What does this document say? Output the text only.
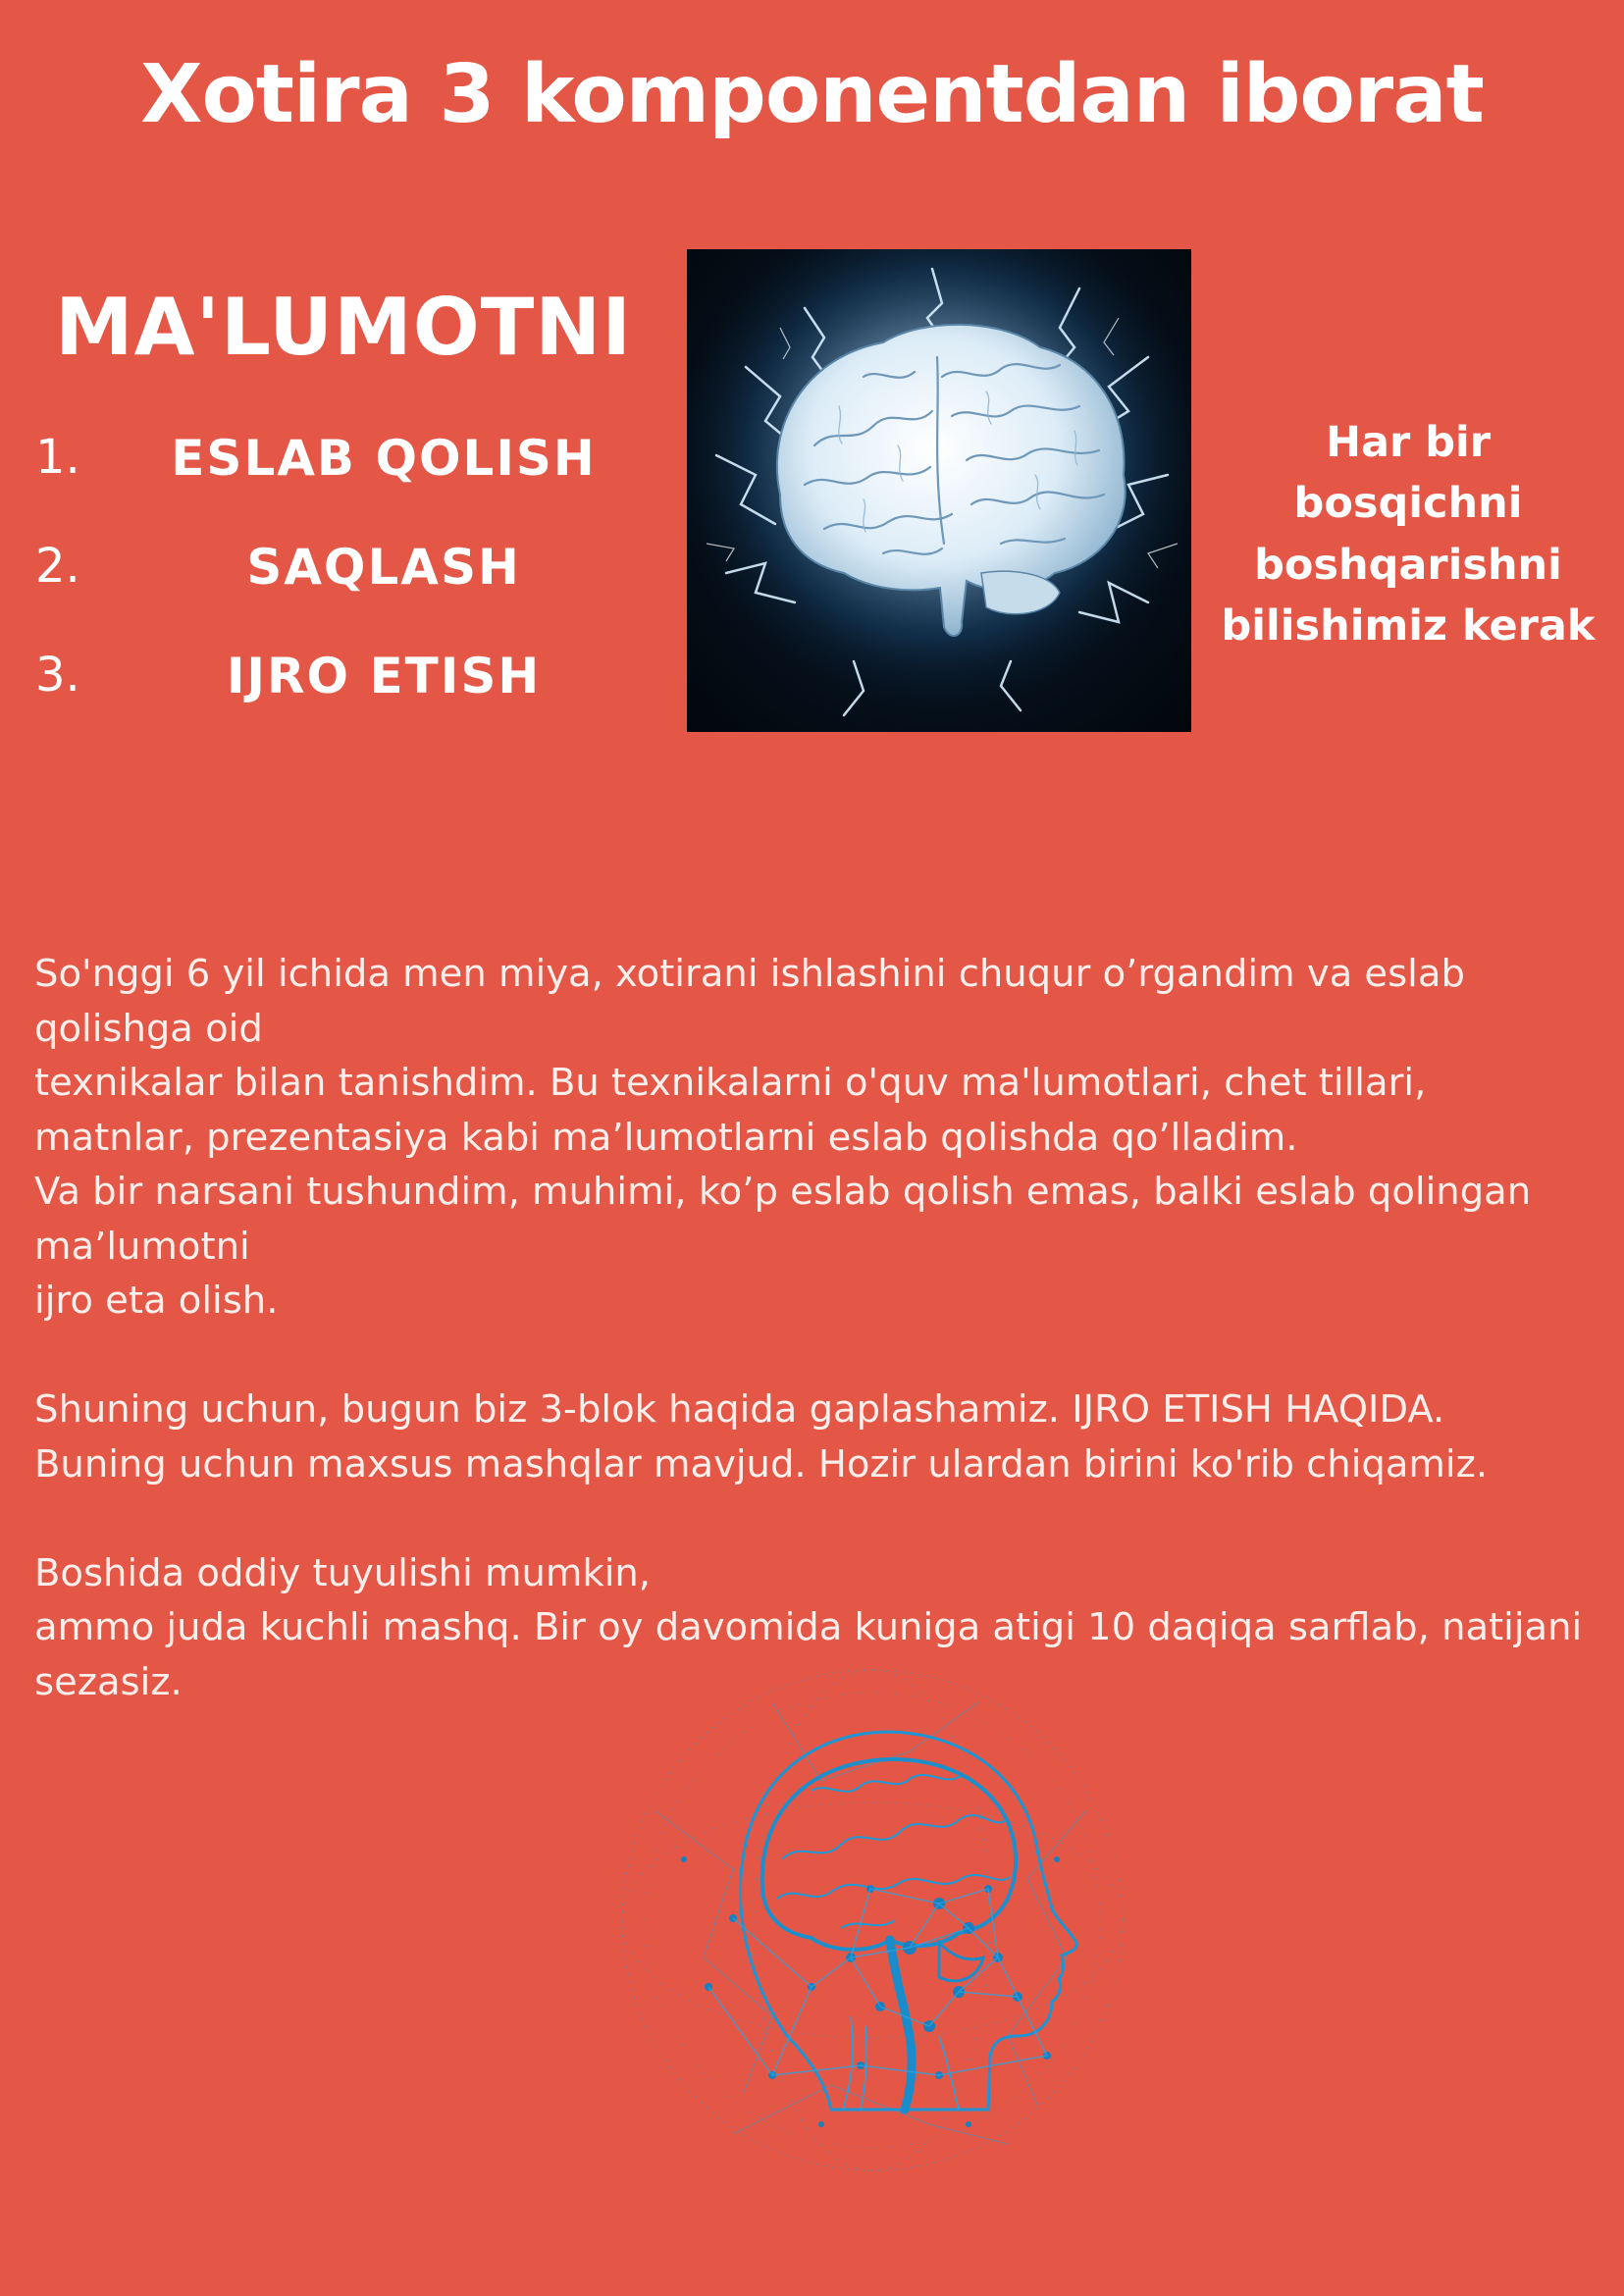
Xotira 3 komponentdan iborat
MA'LUMOTNI
1.	ESLAB QOLISH
2.	SAQLASH
3.	IJRO ETISH

Har bir bosqichni
boshqarishni
bilishimiz kerak

So'nggi 6 yil ichida men miya, xotirani ishlashini chuqur o’rgandim va eslab qolishga oid

texnikalar bilan tanishdim. Bu texnikalarni o'quv ma'lumotlari, chet tillari,

matnlar, prezentasiya kabi ma’lumotlarni eslab qolishda qo’lladim.

Va bir narsani tushundim, muhimi, ko’p eslab qolish emas, balki eslab qolingan ma’lumotni

ijro eta olish.

Shuning uchun, bugun biz 3-blok haqida gaplashamiz. IJRO ETISH HAQIDA.

Buning uchun maxsus mashqlar mavjud. Hozir ulardan birini ko'rib chiqamiz.

Boshida oddiy tuyulishi mumkin,

ammo juda kuchli mashq. Bir oy davomida kuniga atigi 10 daqiqa sarflab, natijani sezasiz.
